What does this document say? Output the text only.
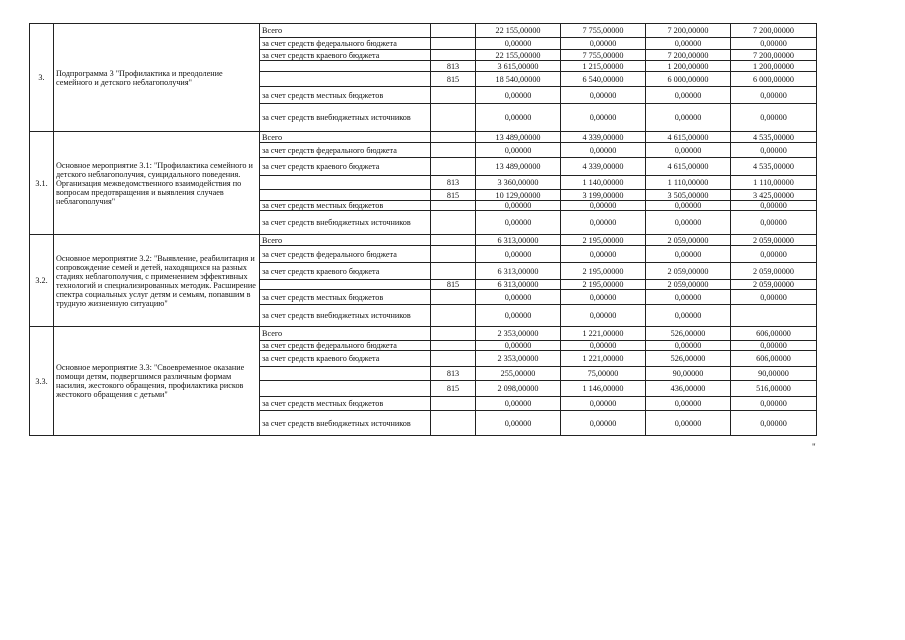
3.	Подпрограмма 3 "Профилактика и преодоление семейного и детского неблагополучия"	Всего		22 155,00000	7 755,00000	7 200,00000	7 200,00000
		за счет средств федерального бюджета		0,00000	0,00000	0,00000	0,00000
		за счет средств краевого бюджета		22 155,00000	7 755,00000	7 200,00000	7 200,00000
			813	3 615,00000	1 215,00000	1 200,00000	1 200,00000
			815	18 540,00000	6 540,00000	6 000,00000	6 000,00000
		за счет средств местных бюджетов		0,00000	0,00000	0,00000	0,00000
		за счет средств внебюджетных источников		0,00000	0,00000	0,00000	0,00000
3.1.	Основное мероприятие 3.1: "Профилактика семейного и детского неблагополучия, суицидального поведения. Организация межведомственного взаимодействия по вопросам предотвращения и выявления случаев неблагополучия"	Всего		13 489,00000	4 339,00000	4 615,00000	4 535,00000
		за счет средств федерального бюджета		0,00000	0,00000	0,00000	0,00000
		за счет средств краевого бюджета		13 489,00000	4 339,00000	4 615,00000	4 535,00000
			813	3 360,00000	1 140,00000	1 110,00000	1 110,00000
			815	10 129,00000	3 199,00000	3 505,00000	3 425,00000
		за счет средств местных бюджетов		0,00000	0,00000	0,00000	0,00000
		за счет средств внебюджетных источников		0,00000	0,00000	0,00000	0,00000
3.2.	Основное мероприятие 3.2: "Выявление, реабилитация и сопровождение семей и детей, находящихся на разных стадиях неблагополучия, с применением эффективных технологий и специализированных методик. Расширение спектра социальных услуг детям и семьям, попавшим в трудную жизненную ситуацию"	Всего		6 313,00000	2 195,00000	2 059,00000	2 059,00000
		за счет средств федерального бюджета		0,00000	0,00000	0,00000	0,00000
		за счет средств краевого бюджета		6 313,00000	2 195,00000	2 059,00000	2 059,00000
			815	6 313,00000	2 195,00000	2 059,00000	2 059,00000
		за счет средств местных бюджетов		0,00000	0,00000	0,00000	0,00000
		за счет средств внебюджетных источников		0,00000	0,00000	0,00000	
3.3.	Основное мероприятие 3.3: "Своевременное оказание помощи детям, подвергшимся различным формам насилия, жестокого обращения, профилактика рисков жестокого обращения с детьми"	Всего		2 353,00000	1 221,00000	526,00000	606,00000
		за счет средств федерального бюджета		0,00000	0,00000	0,00000	0,00000
		за счет средств краевого бюджета		2 353,00000	1 221,00000	526,00000	606,00000
			813	255,00000	75,00000	90,00000	90,00000
			815	2 098,00000	1 146,00000	436,00000	516,00000
		за счет средств местных бюджетов		0,00000	0,00000	0,00000	0,00000
		за счет средств внебюджетных источников		0,00000	0,00000	0,00000	0,00000
"
